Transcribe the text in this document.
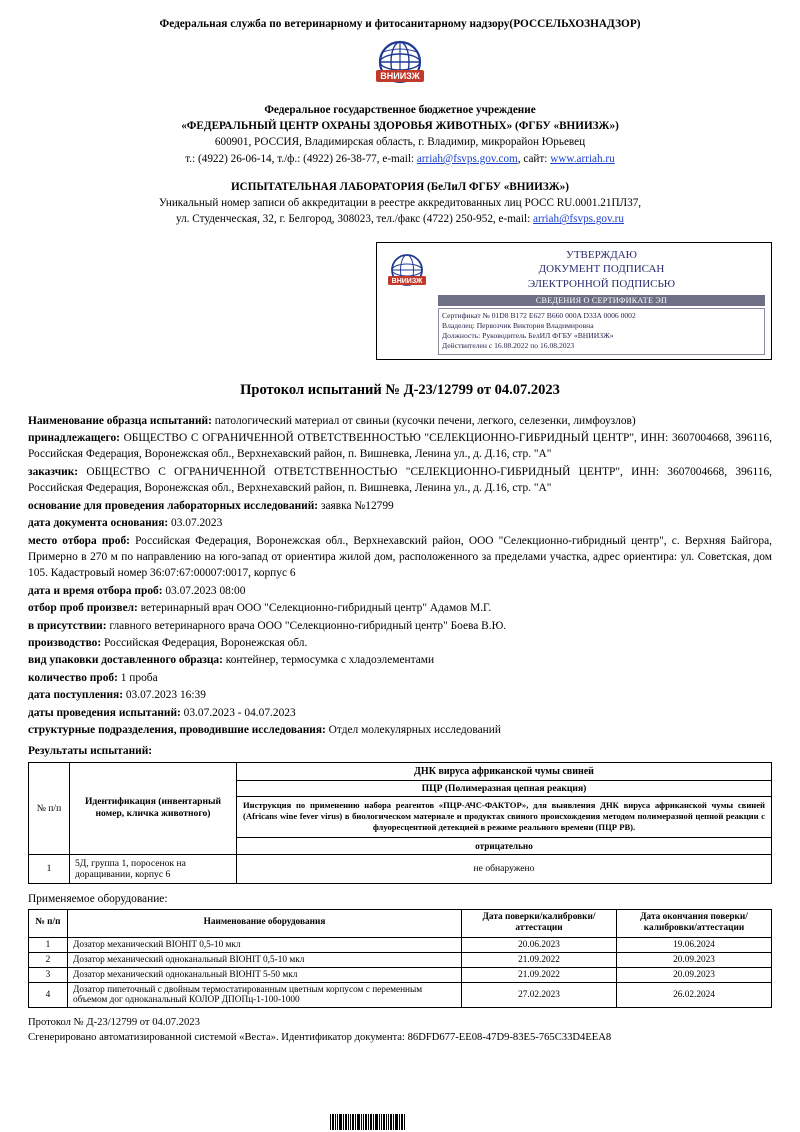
Федеральная служба по ветеринарному и фитосанитарному надзору(РОССЕЛЬХОЗНАДЗОР)
ВНИИЗЖ
Федеральное государственное бюджетное учреждение
«ФЕДЕРАЛЬНЫЙ ЦЕНТР ОХРАНЫ ЗДОРОВЬЯ ЖИВОТНЫХ» (ФГБУ «ВНИИЗЖ»)
600901, РОССИЯ, Владимирская область, г. Владимир, микрорайон Юрьевец
т.: (4922) 26-06-14, т./ф.: (4922) 26-38-77, e-mail: arriah@fsvps.gov.com, сайт: www.arriah.ru
ИСПЫТАТЕЛЬНАЯ ЛАБОРАТОРИЯ (БеЛиЛ ФГБУ «ВНИИЗЖ»)
Уникальный номер записи об аккредитации в реестре аккредитованных лиц РОСС RU.0001.21ПЛ37,
ул. Студенческая, 32, г. Белгород, 308023, тел./факс (4722) 250-952, e-mail: arriah@fsvps.gov.ru
ВНИИЗЖ
УТВЕРЖДАЮ
ДОКУМЕНТ ПОДПИСАН
ЭЛЕКТРОННОЙ ПОДПИСЬЮ
СВЕДЕНИЯ О СЕРТИФИКАТЕ ЭП
Сертификат № 01D8 B172 E627 B660 000A D33A 0006 0002
Владелец: Первозчик Виктория Владимировна
Должность: Руководитель БелИЛ ФГБУ «ВНИИЗЖ»
Действителен с 16.08.2022 по 16.08.2023
Протокол испытаний № Д-23/12799 от 04.07.2023

Наименование образца испытаний: патологический материал от свиньи (кусочки печени, легкого, селезенки, лимфоузлов)

принадлежащего: ОБЩЕСТВО С ОГРАНИЧЕННОЙ ОТВЕТСТВЕННОСТЬЮ "СЕЛЕКЦИОННО-ГИБРИДНЫЙ ЦЕНТР", ИНН: 3607004668, 396116, Российская Федерация, Воронежская обл., Верхнехавский район, п. Вишневка, Ленина ул., д. Д.16, стр. "А"

заказчик: ОБЩЕСТВО С ОГРАНИЧЕННОЙ ОТВЕТСТВЕННОСТЬЮ "СЕЛЕКЦИОННО-ГИБРИДНЫЙ ЦЕНТР", ИНН: 3607004668, 396116, Российская Федерация, Воронежская обл., Верхнехавский район, п. Вишневка, Ленина ул., д. Д.16, стр. "А"

основание для проведения лабораторных исследований: заявка №12799

дата документа основания: 03.07.2023

место отбора проб: Российская Федерация, Воронежская обл., Верхнехавский район, ООО "Селекционно-гибридный центр", с. Верхняя Байгора, Примерно в 270 м по направлению на юго-запад от ориентира жилой дом, расположенного за пределами участка, адрес ориентира: ул. Советская, дом 105. Кадастровый номер 36:07:67:00007:0017, корпус 6

дата и время отбора проб: 03.07.2023 08:00

отбор проб произвел: ветеринарный врач ООО "Селекционно-гибридный центр" Адамов М.Г.

в присутствии: главного ветеринарного врача ООО "Селекционно-гибридный центр" Боева В.Ю.

производство: Российская Федерация, Воронежская обл.

вид упаковки доставленного образца: контейнер, термосумка с хладоэлементами

количество проб: 1 проба

дата поступления: 03.07.2023 16:39

даты проведения испытаний: 03.07.2023 - 04.07.2023

структурные подразделения, проводившие исследования: Отдел молекулярных исследований

Результаты испытаний:
№ п/п	Идентификация (инвентарный номер, кличка животного)	ДНК вируса африканской чумы свиней
		ПЦР (Полимеразная цепная реакция)
		Инструкция по применению набора реагентов «ПЦР-АЧС-ФАКТОР», для выявления ДНК вируса африканской чумы свиней (Africans wine fever virus) в биологическом материале и продуктах свиного происхождения методом полимеразной цепной реакции с флуоресцентной детекцией в режиме реального времени (ПЦР РВ).
		отрицательно
1	5Д, группа 1, поросенок на доращивании, корпус 6	не обнаружено
Применяемое оборудование:
№ п/п	Наименование оборудования	Дата поверки/калибровки/аттестации	Дата окончания поверки/калибровки/аттестации
1	Дозатор механический BIOHIT 0,5-10 мкл	20.06.2023	19.06.2024
2	Дозатор механический одноканальный BIOHIT 0,5-10 мкл	21.09.2022	20.09.2023
3	Дозатор механический одноканальный BIOHIT 5-50 мкл	21.09.2022	20.09.2023
4	Дозатор пипеточный с двойным термостатированным цветным корпусом с переменным объемом дог одноканальный КОЛОР ДПОПц-1-100-1000	27.02.2023	26.02.2024
Протокол № Д-23/12799 от 04.07.2023
Сгенерировано автоматизированной системой «Веста». Идентификатор документа: 86DFD677-EE08-47D9-83E5-765C33D4EEA8
